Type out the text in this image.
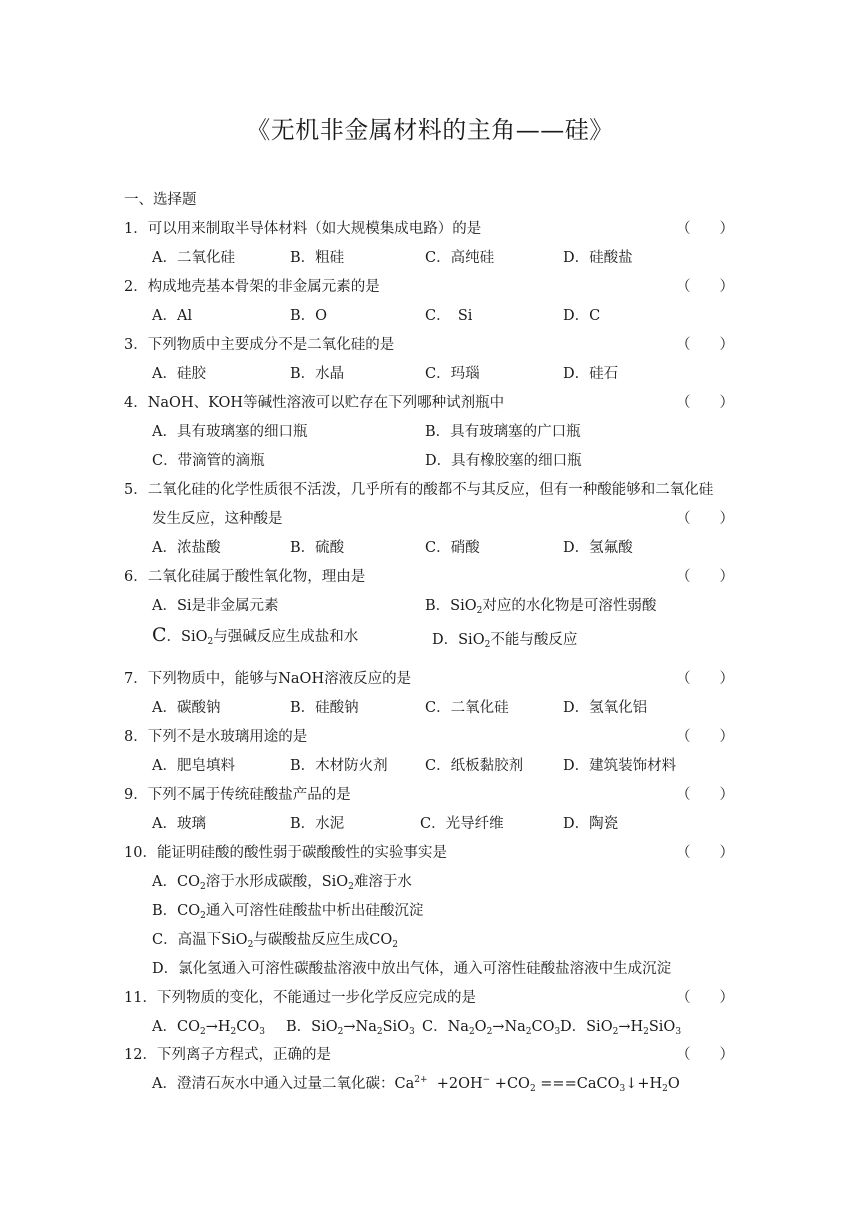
《无机非金属材料的主角——硅》
一、选择题
1．可以用来制取半导体材料（如大规模集成电路）的是	（　　）
A．二氧化硅	B．粗硅	C．高纯硅	D．硅酸盐
2．构成地壳基本骨架的非金属元素的是	（　　）
A．Al	B．O	C．　Si	D．C
3．下列物质中主要成分不是二氧化硅的是	（　　）
A．硅胶	B．水晶	C．玛瑙	D．硅石
4．NaOH、KOH等碱性溶液可以贮存在下列哪种试剂瓶中	（　　）
A．具有玻璃塞的细口瓶	B．具有玻璃塞的广口瓶
C．带滴管的滴瓶	D．具有橡胶塞的细口瓶
5．二氧化硅的化学性质很不活泼，几乎所有的酸都不与其反应，但有一种酸能够和二氧化硅
发生反应，这种酸是	（　　）
A．浓盐酸	B．硫酸	C．硝酸	D．氢氟酸
6．二氧化硅属于酸性氧化物，理由是	（　　）
A．Si是非金属元素	B．SiO$_2$对应的水化物是可溶性弱酸
C．SiO$_2$与强碱反应生成盐和水	D．SiO$_2$不能与酸反应
7．下列物质中，能够与NaOH溶液反应的是	（　　）
A．碳酸钠	B．硅酸钠	C．二氧化硅	D．氢氧化铝
8．下列不是水玻璃用途的是	（　　）
A．肥皂填料	B．木材防火剂	C．纸板黏胶剂	D．建筑装饰材料
9．下列不属于传统硅酸盐产品的是	（　　）
A．玻璃	B．水泥	C．光导纤维	D．陶瓷
10．能证明硅酸的酸性弱于碳酸酸性的实验事实是	（　　）
A．$CO_2$溶于水形成碳酸，SiO$_2$难溶于水
B．$CO_2$通入可溶性硅酸盐中析出硅酸沉淀
C．高温下SiO$_2$与碳酸盐反应生成$CO_2$
D．氯化氢通入可溶性碳酸盐溶液中放出气体，通入可溶性硅酸盐溶液中生成沉淀
11．下列物质的变化，不能通过一步化学反应完成的是	（　　）
A．$CO_2\to H_2CO_3$ B．$SiO_2\to Na_2SiO_3$ C．$Na_2O_2\to Na_2CO_3$ D．$SiO_2\to H_2SiO_3$
12．下列离子方程式，正确的是	（　　）
A．澄清石灰水中通入过量二氧化碳：$Ca^{2+} +2OH^- +CO_2$ $===CaCO_3↓+H_2O$
